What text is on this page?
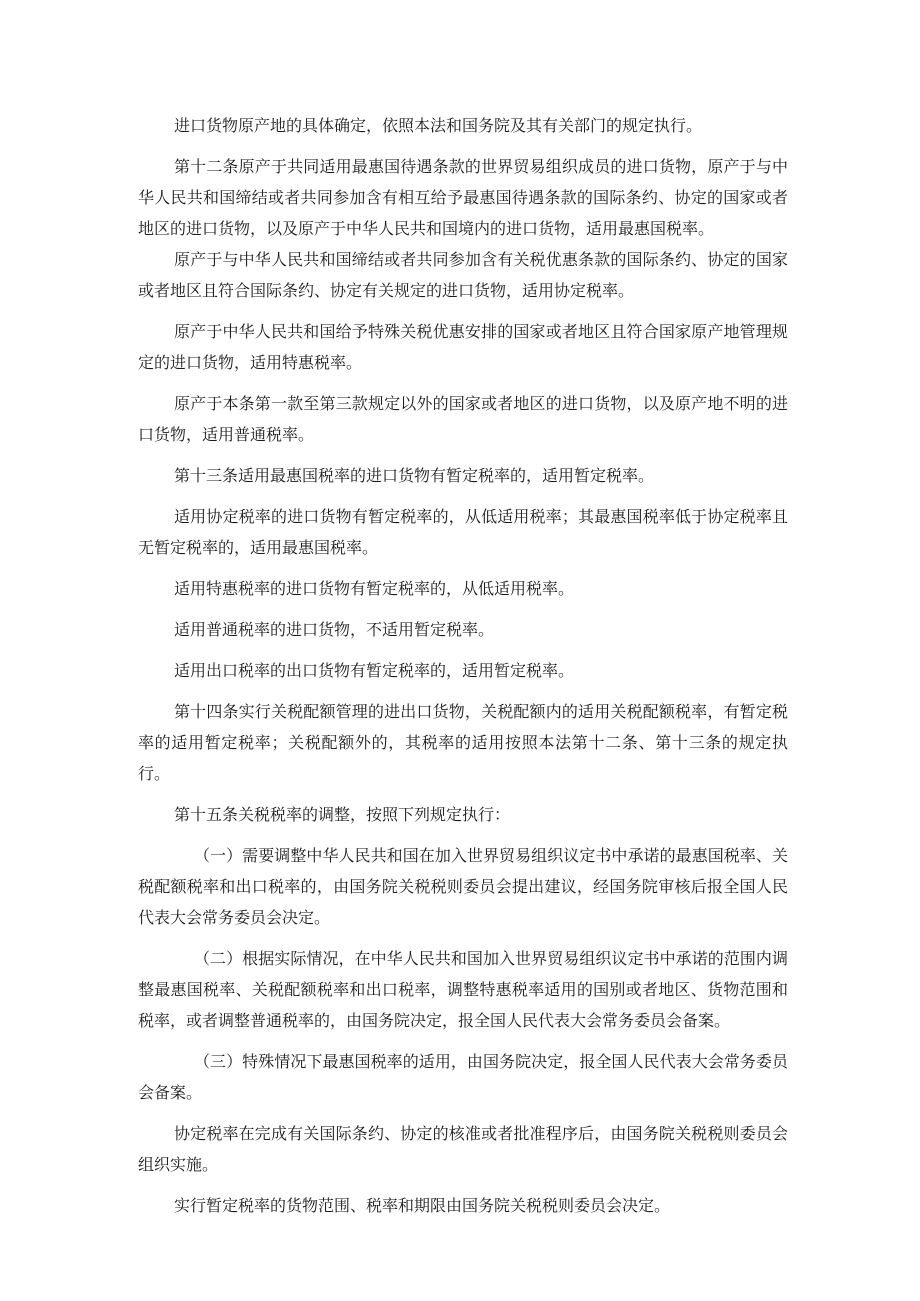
进口货物原产地的具体确定，依照本法和国务院及其有关部门的规定执行。

第十二条原产于共同适用最惠国待遇条款的世界贸易组织成员的进口货物，原产于与中华人民共和国缔结或者共同参加含有相互给予最惠国待遇条款的国际条约、协定的国家或者地区的进口货物，以及原产于中华人民共和国境内的进口货物，适用最惠国税率。

原产于与中华人民共和国缔结或者共同参加含有关税优惠条款的国际条约、协定的国家或者地区且符合国际条约、协定有关规定的进口货物，适用协定税率。

原产于中华人民共和国给予特殊关税优惠安排的国家或者地区且符合国家原产地管理规定的进口货物，适用特惠税率。

原产于本条第一款至第三款规定以外的国家或者地区的进口货物，以及原产地不明的进口货物，适用普通税率。

第十三条适用最惠国税率的进口货物有暂定税率的，适用暂定税率。

适用协定税率的进口货物有暂定税率的，从低适用税率；其最惠国税率低于协定税率且无暂定税率的，适用最惠国税率。

适用特惠税率的进口货物有暂定税率的，从低适用税率。

适用普通税率的进口货物，不适用暂定税率。

适用出口税率的出口货物有暂定税率的，适用暂定税率。

第十四条实行关税配额管理的进出口货物，关税配额内的适用关税配额税率，有暂定税率的适用暂定税率；关税配额外的，其税率的适用按照本法第十二条、第十三条的规定执行。

第十五条关税税率的调整，按照下列规定执行：

（一）需要调整中华人民共和国在加入世界贸易组织议定书中承诺的最惠国税率、关税配额税率和出口税率的，由国务院关税税则委员会提出建议，经国务院审核后报全国人民代表大会常务委员会决定。

（二）根据实际情况，在中华人民共和国加入世界贸易组织议定书中承诺的范围内调整最惠国税率、关税配额税率和出口税率，调整特惠税率适用的国别或者地区、货物范围和税率，或者调整普通税率的，由国务院决定，报全国人民代表大会常务委员会备案。

（三）特殊情况下最惠国税率的适用，由国务院决定，报全国人民代表大会常务委员会备案。

协定税率在完成有关国际条约、协定的核准或者批准程序后，由国务院关税税则委员会组织实施。

实行暂定税率的货物范围、税率和期限由国务院关税税则委员会决定。
